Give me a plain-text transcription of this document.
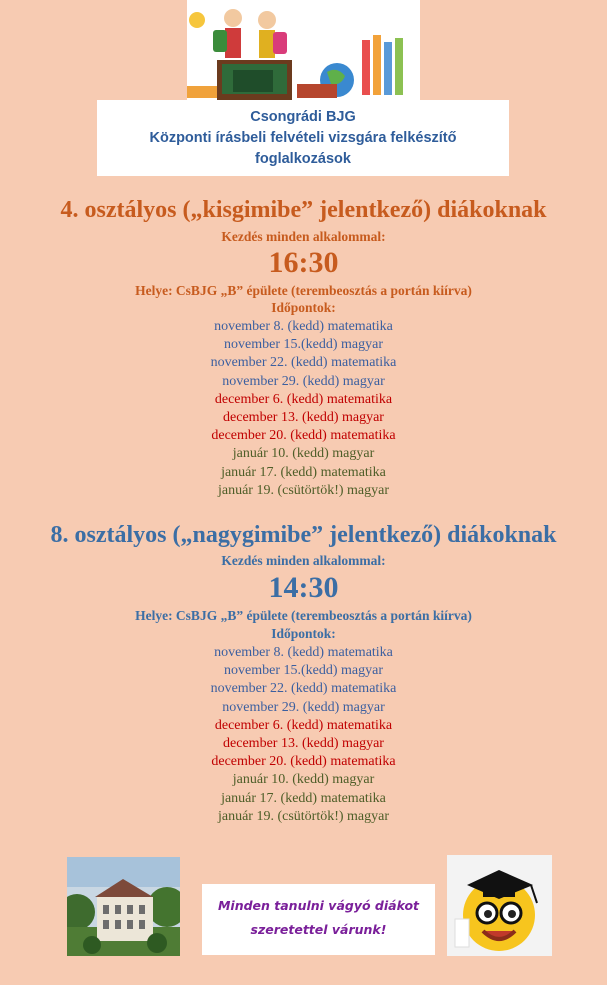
Csongrádi BJG
Központi írásbeli felvételi vizsgára felkészítő
foglalkozások
4. osztályos („kisgimibe” jelentkező) diákoknak
Kezdés minden alkalommal:
16:30
Helye: CsBJG „B” épülete (terembeosztás a portán kiírva)
Időpontok:
november 8. (kedd) matematika
november 15.(kedd) magyar
november 22. (kedd) matematika
november 29. (kedd) magyar
december 6. (kedd) matematika
december 13. (kedd) magyar
december 20. (kedd) matematika
január 10. (kedd) magyar
január 17. (kedd) matematika
január 19. (csütörtök!) magyar
8. osztályos („nagygimibe” jelentkező) diákoknak
Kezdés minden alkalommal:
14:30
Helye: CsBJG „B” épülete (terembeosztás a portán kiírva)
Időpontok:
november 8. (kedd) matematika
november 15.(kedd) magyar
november 22. (kedd) matematika
november 29. (kedd) magyar
december 6. (kedd) matematika
december 13. (kedd) magyar
december 20. (kedd) matematika
január 10. (kedd) magyar
január 17. (kedd) matematika
január 19. (csütörtök!) magyar
Minden tanulni vágyó diákot
szeretettel várunk!
